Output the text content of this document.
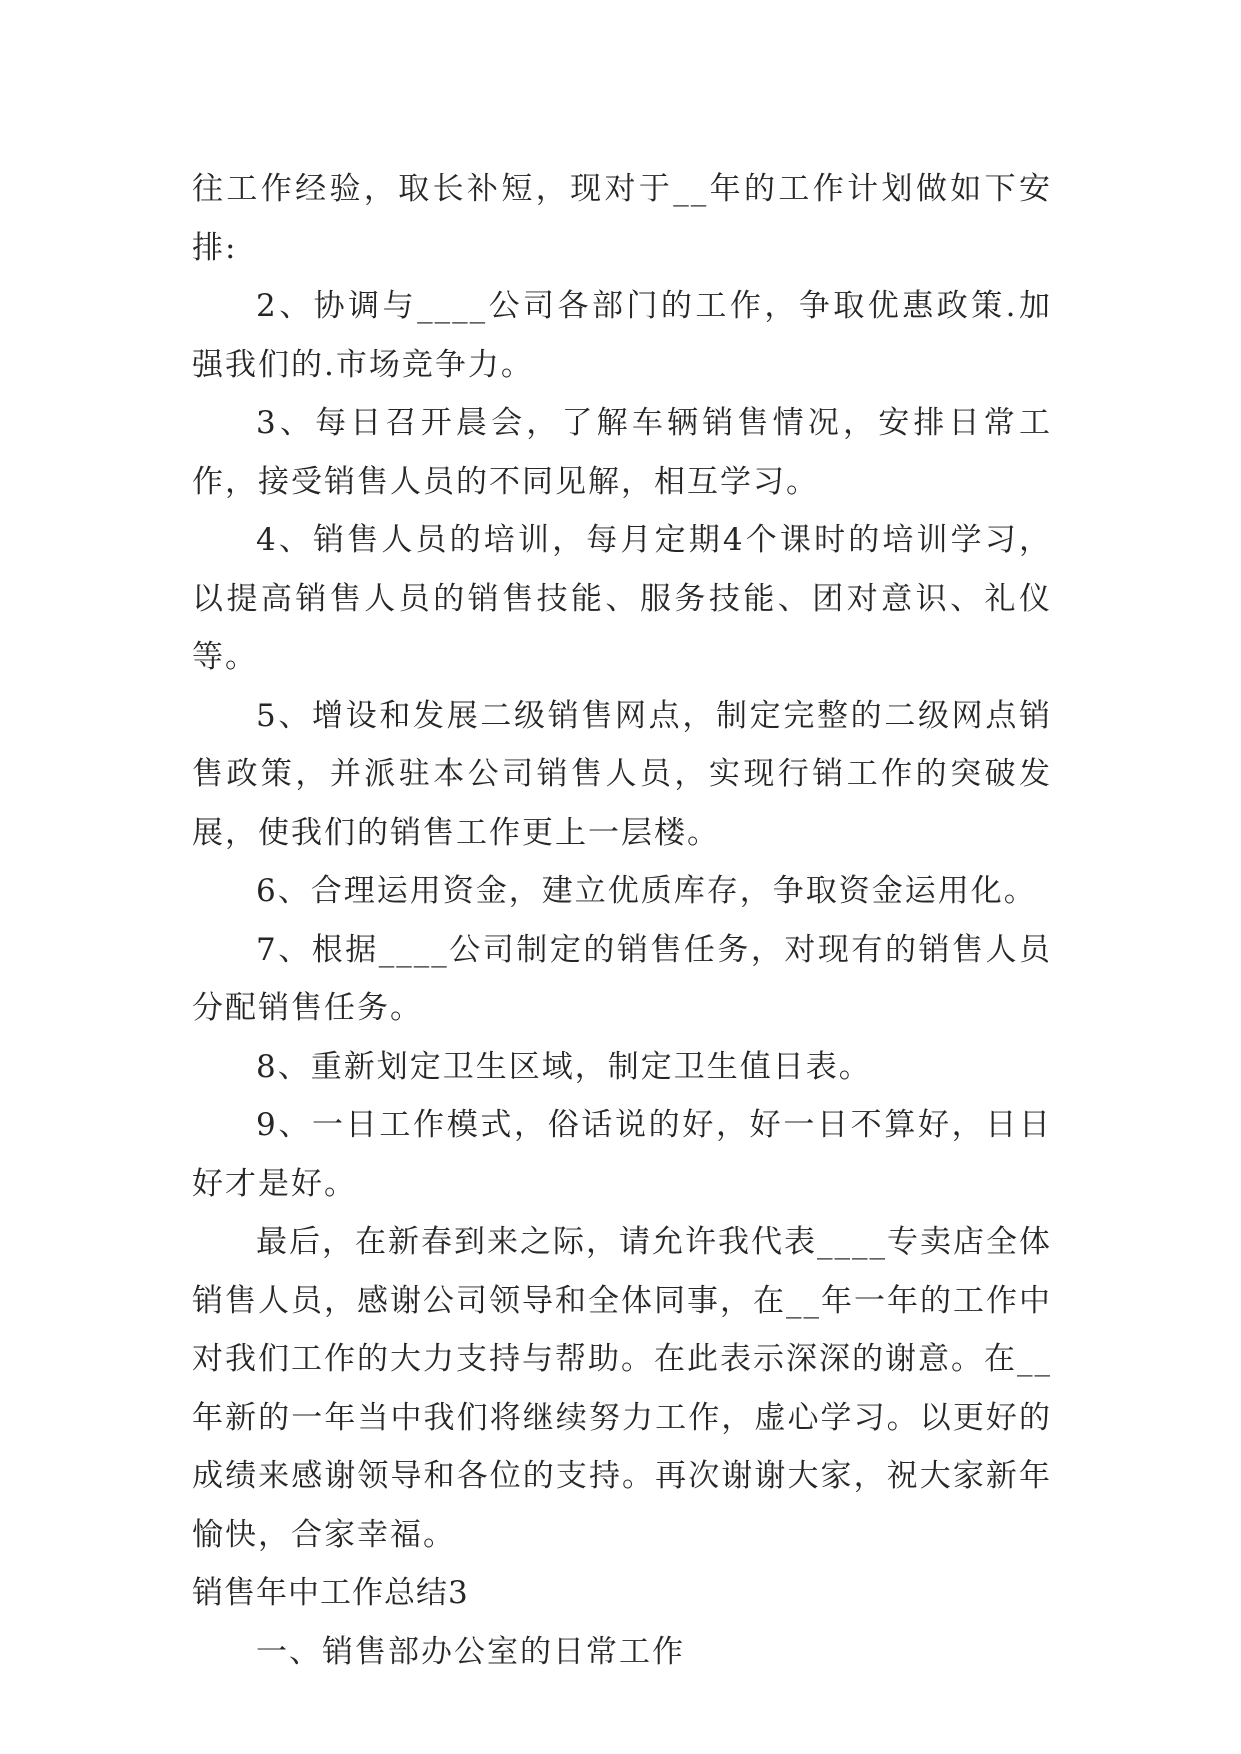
往工作经验，取长补短，现对于__年的工作计划做如下安排:

2、协调与____公司各部门的工作，争取优惠政策.加强我们的.市场竞争力。

3、每日召开晨会，了解车辆销售情况，安排日常工作，接受销售人员的不同见解，相互学习。

4、销售人员的培训，每月定期4个课时的培训学习，以提高销售人员的销售技能、服务技能、团对意识、礼仪等。

5、增设和发展二级销售网点，制定完整的二级网点销售政策，并派驻本公司销售人员，实现行销工作的突破发展，使我们的销售工作更上一层楼。

6、合理运用资金，建立优质库存，争取资金运用化。

7、根据____公司制定的销售任务，对现有的销售人员分配销售任务。

8、重新划定卫生区域，制定卫生值日表。

9、一日工作模式，俗话说的好，好一日不算好，日日好才是好。

最后，在新春到来之际，请允许我代表____专卖店全体销售人员，感谢公司领导和全体同事，在__年一年的工作中对我们工作的大力支持与帮助。在此表示深深的谢意。在__年新的一年当中我们将继续努力工作，虚心学习。以更好的成绩来感谢领导和各位的支持。再次谢谢大家，祝大家新年愉快，合家幸福。

销售年中工作总结3

一、销售部办公室的日常工作
